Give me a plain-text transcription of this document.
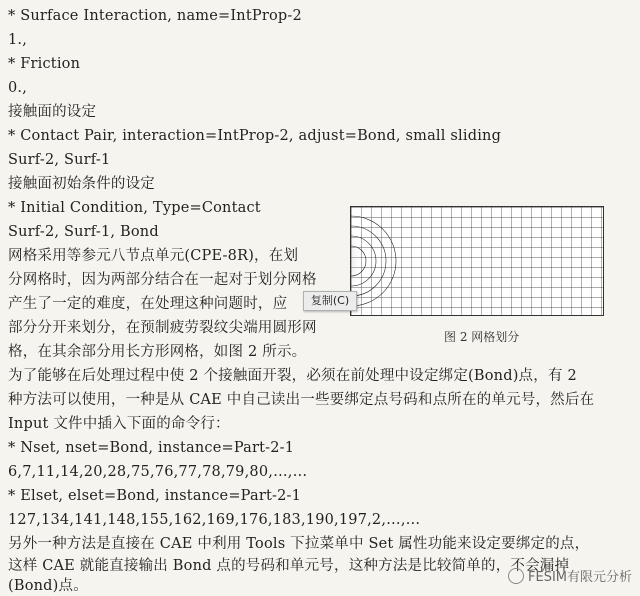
* Surface Interaction, name=IntProp-2
1.,
* Friction
0.,
接触面的设定
* Contact Pair, interaction=IntProp-2, adjust=Bond, small sliding
Surf-2, Surf-1
接触面初始条件的设定
* Initial Condition, Type=Contact
Surf-2, Surf-1, Bond
网格采用等参元八节点单元(CPE-8R)，在划
分网格时，因为两部分结合在一起对于划分网格
产生了一定的难度，在处理这种问题时，应
部分分开来划分，在预制疲劳裂纹尖端用圆形网
格，在其余部分用长方形网格，如图 2 所示。
图 2 网格划分
复制(C)
为了能够在后处理过程中使 2 个接触面开裂，必须在前处理中设定绑定(Bond)点，有 2
种方法可以使用，一种是从 CAE 中自己读出一些要绑定点号码和点所在的单元号，然后在
Input 文件中插入下面的命令行：
* Nset, nset=Bond, instance=Part-2-1
6,7,11,14,20,28,75,76,77,78,79,80,…,…
* Elset, elset=Bond, instance=Part-2-1
127,134,141,148,155,162,169,176,183,190,197,2,…,…
另外一种方法是直接在 CAE 中利用 Tools 下拉菜单中 Set 属性功能来设定要绑定的点，
这样 CAE 就能直接输出 Bond 点的号码和单元号，这种方法是比较简单的，不会漏掉
(Bond)点。
FESIM有限元分析
